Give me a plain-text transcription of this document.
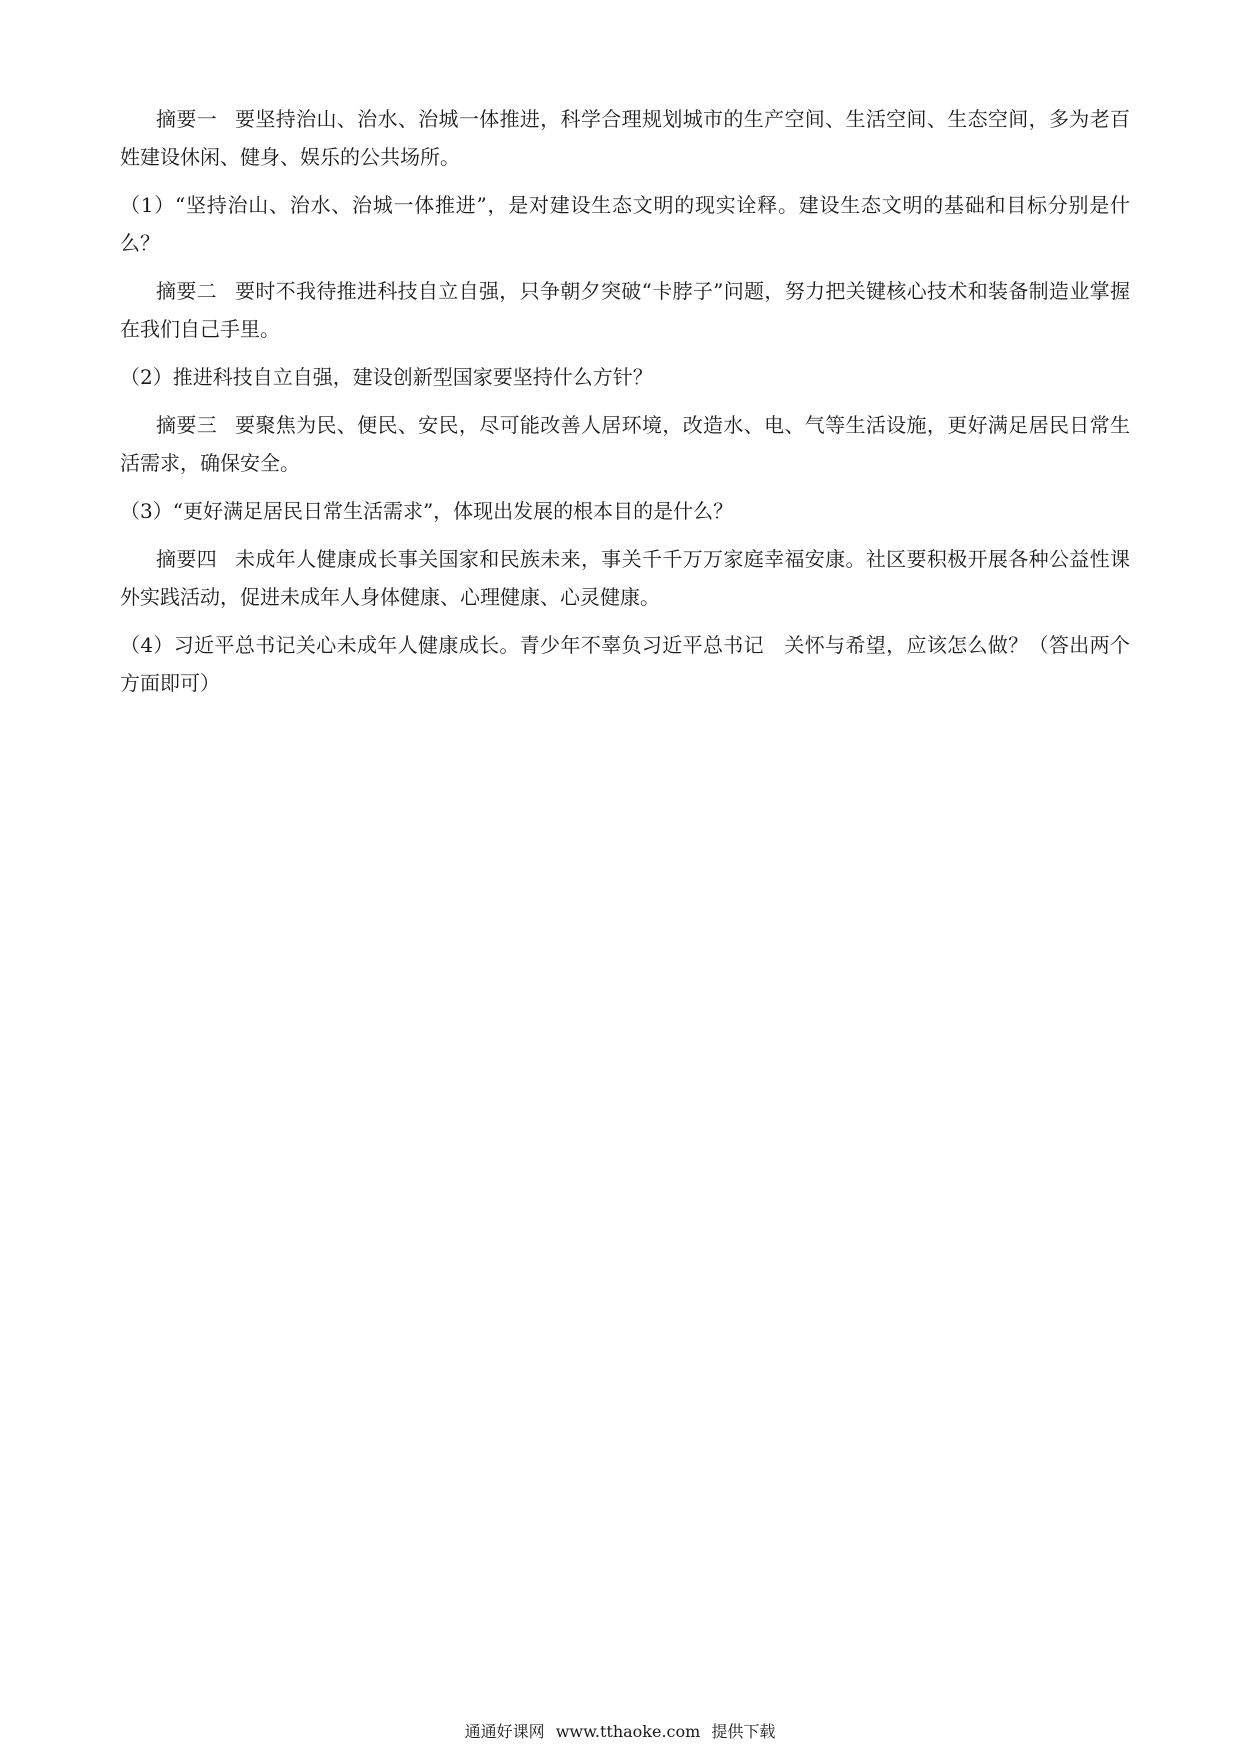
摘要一 要坚持治山、治水、治城一体推进，科学合理规划城市的生产空间、生活空间、生态空间，多为老百姓建设休闲、健身、娱乐的公共场所。

（1）“坚持治山、治水、治城一体推进”，是对建设生态文明的现实诠释。建设生态文明的基础和目标分别是什么？

摘要二 要时不我待推进科技自立自强，只争朝夕突破“卡脖子”问题，努力把关键核心技术和装备制造业掌握在我们自己手里。

（2）推进科技自立自强，建设创新型国家要坚持什么方针？

摘要三 要聚焦为民、便民、安民，尽可能改善人居环境，改造水、电、气等生活设施，更好满足居民日常生活需求，确保安全。

（3）“更好满足居民日常生活需求”，体现出发展的根本目的是什么？

摘要四 未成年人健康成长事关国家和民族未来，事关千千万万家庭幸福安康。社区要积极开展各种公益性课外实践活动，促进未成年人身体健康、心理健康、心灵健康。

（4）习近平总书记关心未成年人健康成长。青少年不辜负习近平总书记　关怀与希望，应该怎么做？（答出两个方面即可）

通通好课网 www.tthaoke.com 提供下载
